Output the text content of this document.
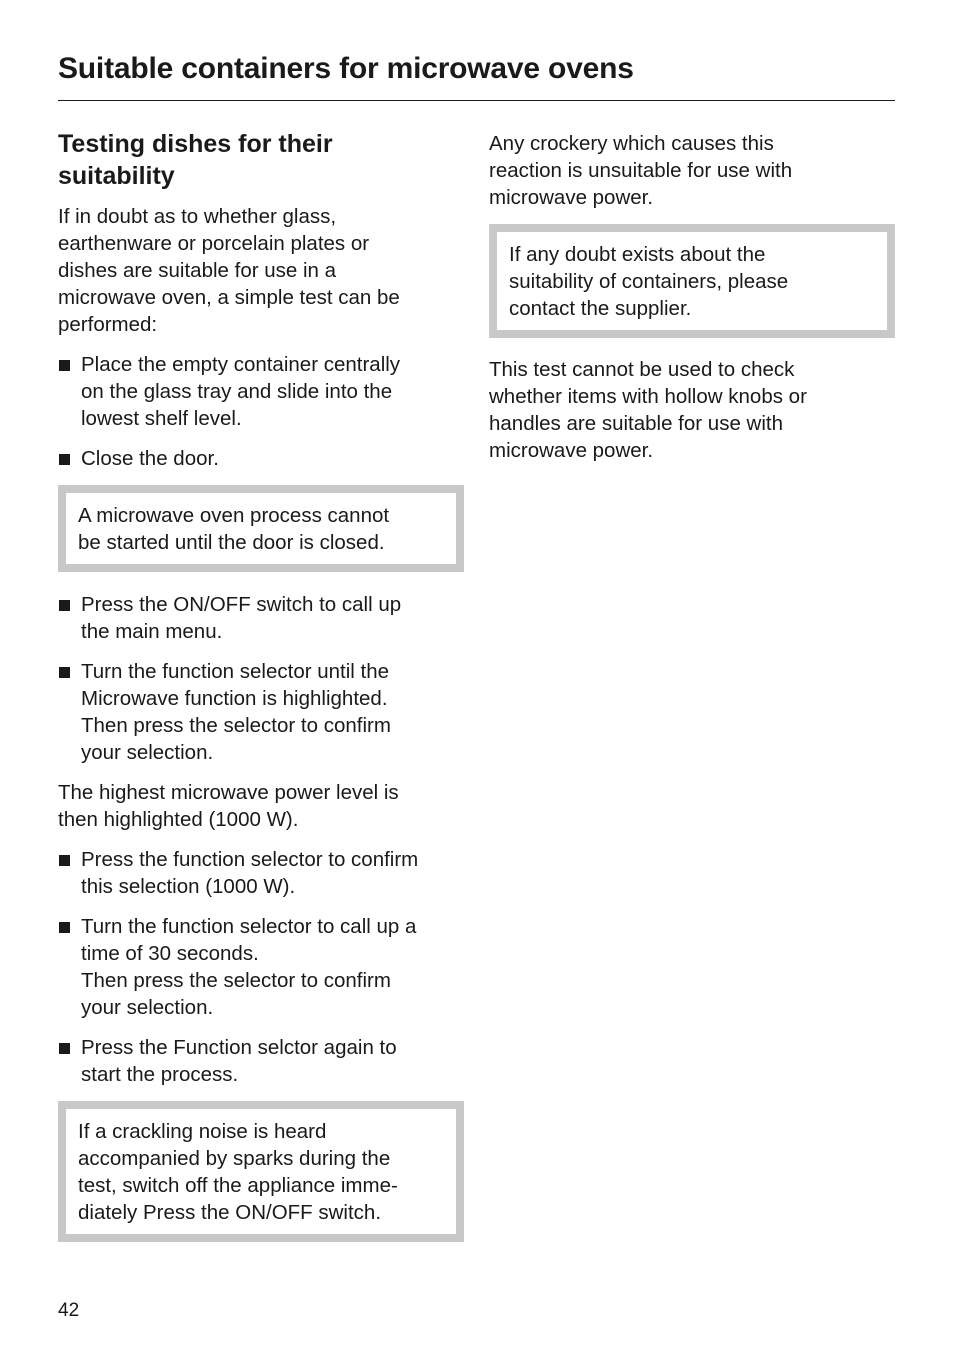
Suitable containers for microwave ovens
Testing dishes for their
suitability

If in doubt as to whether glass,
earthenware or porcelain plates or
dishes are suitable for use in a
microwave oven, a simple test can be
performed:

Place the empty container centrally
on the glass tray and slide into the
lowest shelf level.
Close the door.

A microwave oven process cannot
be started until the door is closed.

Press the ON/OFF switch to call up
the main menu.
Turn the function selector until the
Microwave function is highlighted.
Then press the selector to confirm
your selection.

The highest microwave power level is
then highlighted (1000 W).

Press the function selector to confirm
this selection (1000 W).
Turn the function selector to call up a
time of 30 seconds.
Then press the selector to confirm
your selection.
Press the Function selctor again to
start the process.

If a crackling noise is heard
accompanied by sparks during the
test, switch off the appliance imme-
diately Press the ON/OFF switch.

Any crockery which causes this
reaction is unsuitable for use with
microwave power.

If any doubt exists about the
suitability of containers, please
contact the supplier.

This test cannot be used to check
whether items with hollow knobs or
handles are suitable for use with
microwave power.

42
